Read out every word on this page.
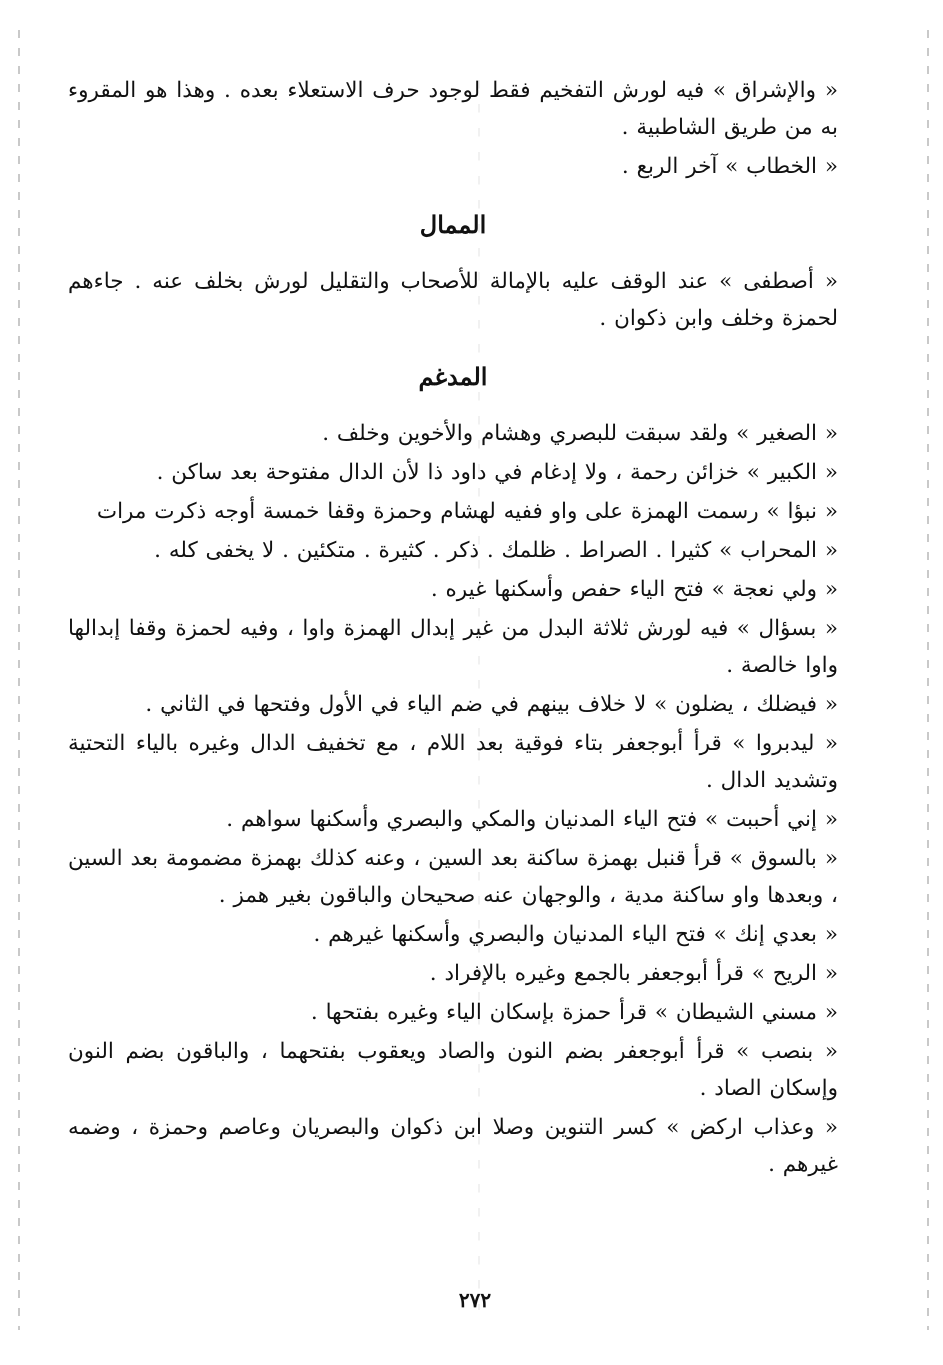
« والإشراق » فيه لورش التفخيم فقط لوجود حرف الاستعلاء بعده . وهذا هو المقروء به من طريق الشاطبية .

« الخطاب » آخر الربع .

الممال

« أصطفى » عند الوقف عليه بالإمالة للأصحاب والتقليل لورش بخلف عنه . جاءهم لحمزة وخلف وابن ذكوان .

المدغم

« الصغير » ولقد سبقت للبصري وهشام والأخوين وخلف .

« الكبير » خزائن رحمة ، ولا إدغام في داود ذا لأن الدال مفتوحة بعد ساكن .

« نبؤا » رسمت الهمزة على واو ففيه لهشام وحمزة وقفا خمسة أوجه ذكرت مرات

« المحراب » كثيرا . الصراط . ظلمك . ذكر . كثيرة . متكئين . لا يخفى كله .

« ولي نعجة » فتح الياء حفص وأسكنها غيره .

« بسؤال » فيه لورش ثلاثة البدل من غير إبدال الهمزة واوا ، وفيه لحمزة وقفا إبدالها واوا خالصة .

« فيضلك ، يضلون » لا خلاف بينهم في ضم الياء في الأول وفتحها في الثاني .

« ليدبروا » قرأ أبوجعفر بتاء فوقية بعد اللام ، مع تخفيف الدال وغيره بالياء التحتية وتشديد الدال .

« إني أحببت » فتح الياء المدنيان والمكي والبصري وأسكنها سواهم .

« بالسوق » قرأ قنبل بهمزة ساكنة بعد السين ، وعنه كذلك بهمزة مضمومة بعد السين ، وبعدها واو ساكنة مدية ، والوجهان عنه صحيحان والباقون بغير همز .

« بعدي إنك » فتح الياء المدنيان والبصري وأسكنها غيرهم .

« الريح » قرأ أبوجعفر بالجمع وغيره بالإفراد .

« مسني الشيطان » قرأ حمزة بإسكان الياء وغيره بفتحها .

« بنصب » قرأ أبوجعفر بضم النون والصاد ويعقوب بفتحهما ، والباقون بضم النون وإسكان الصاد .

« وعذاب اركض » كسر التنوين وصلا ابن ذكوان والبصريان وعاصم وحمزة ، وضمه غيرهم .

٢٧٢
